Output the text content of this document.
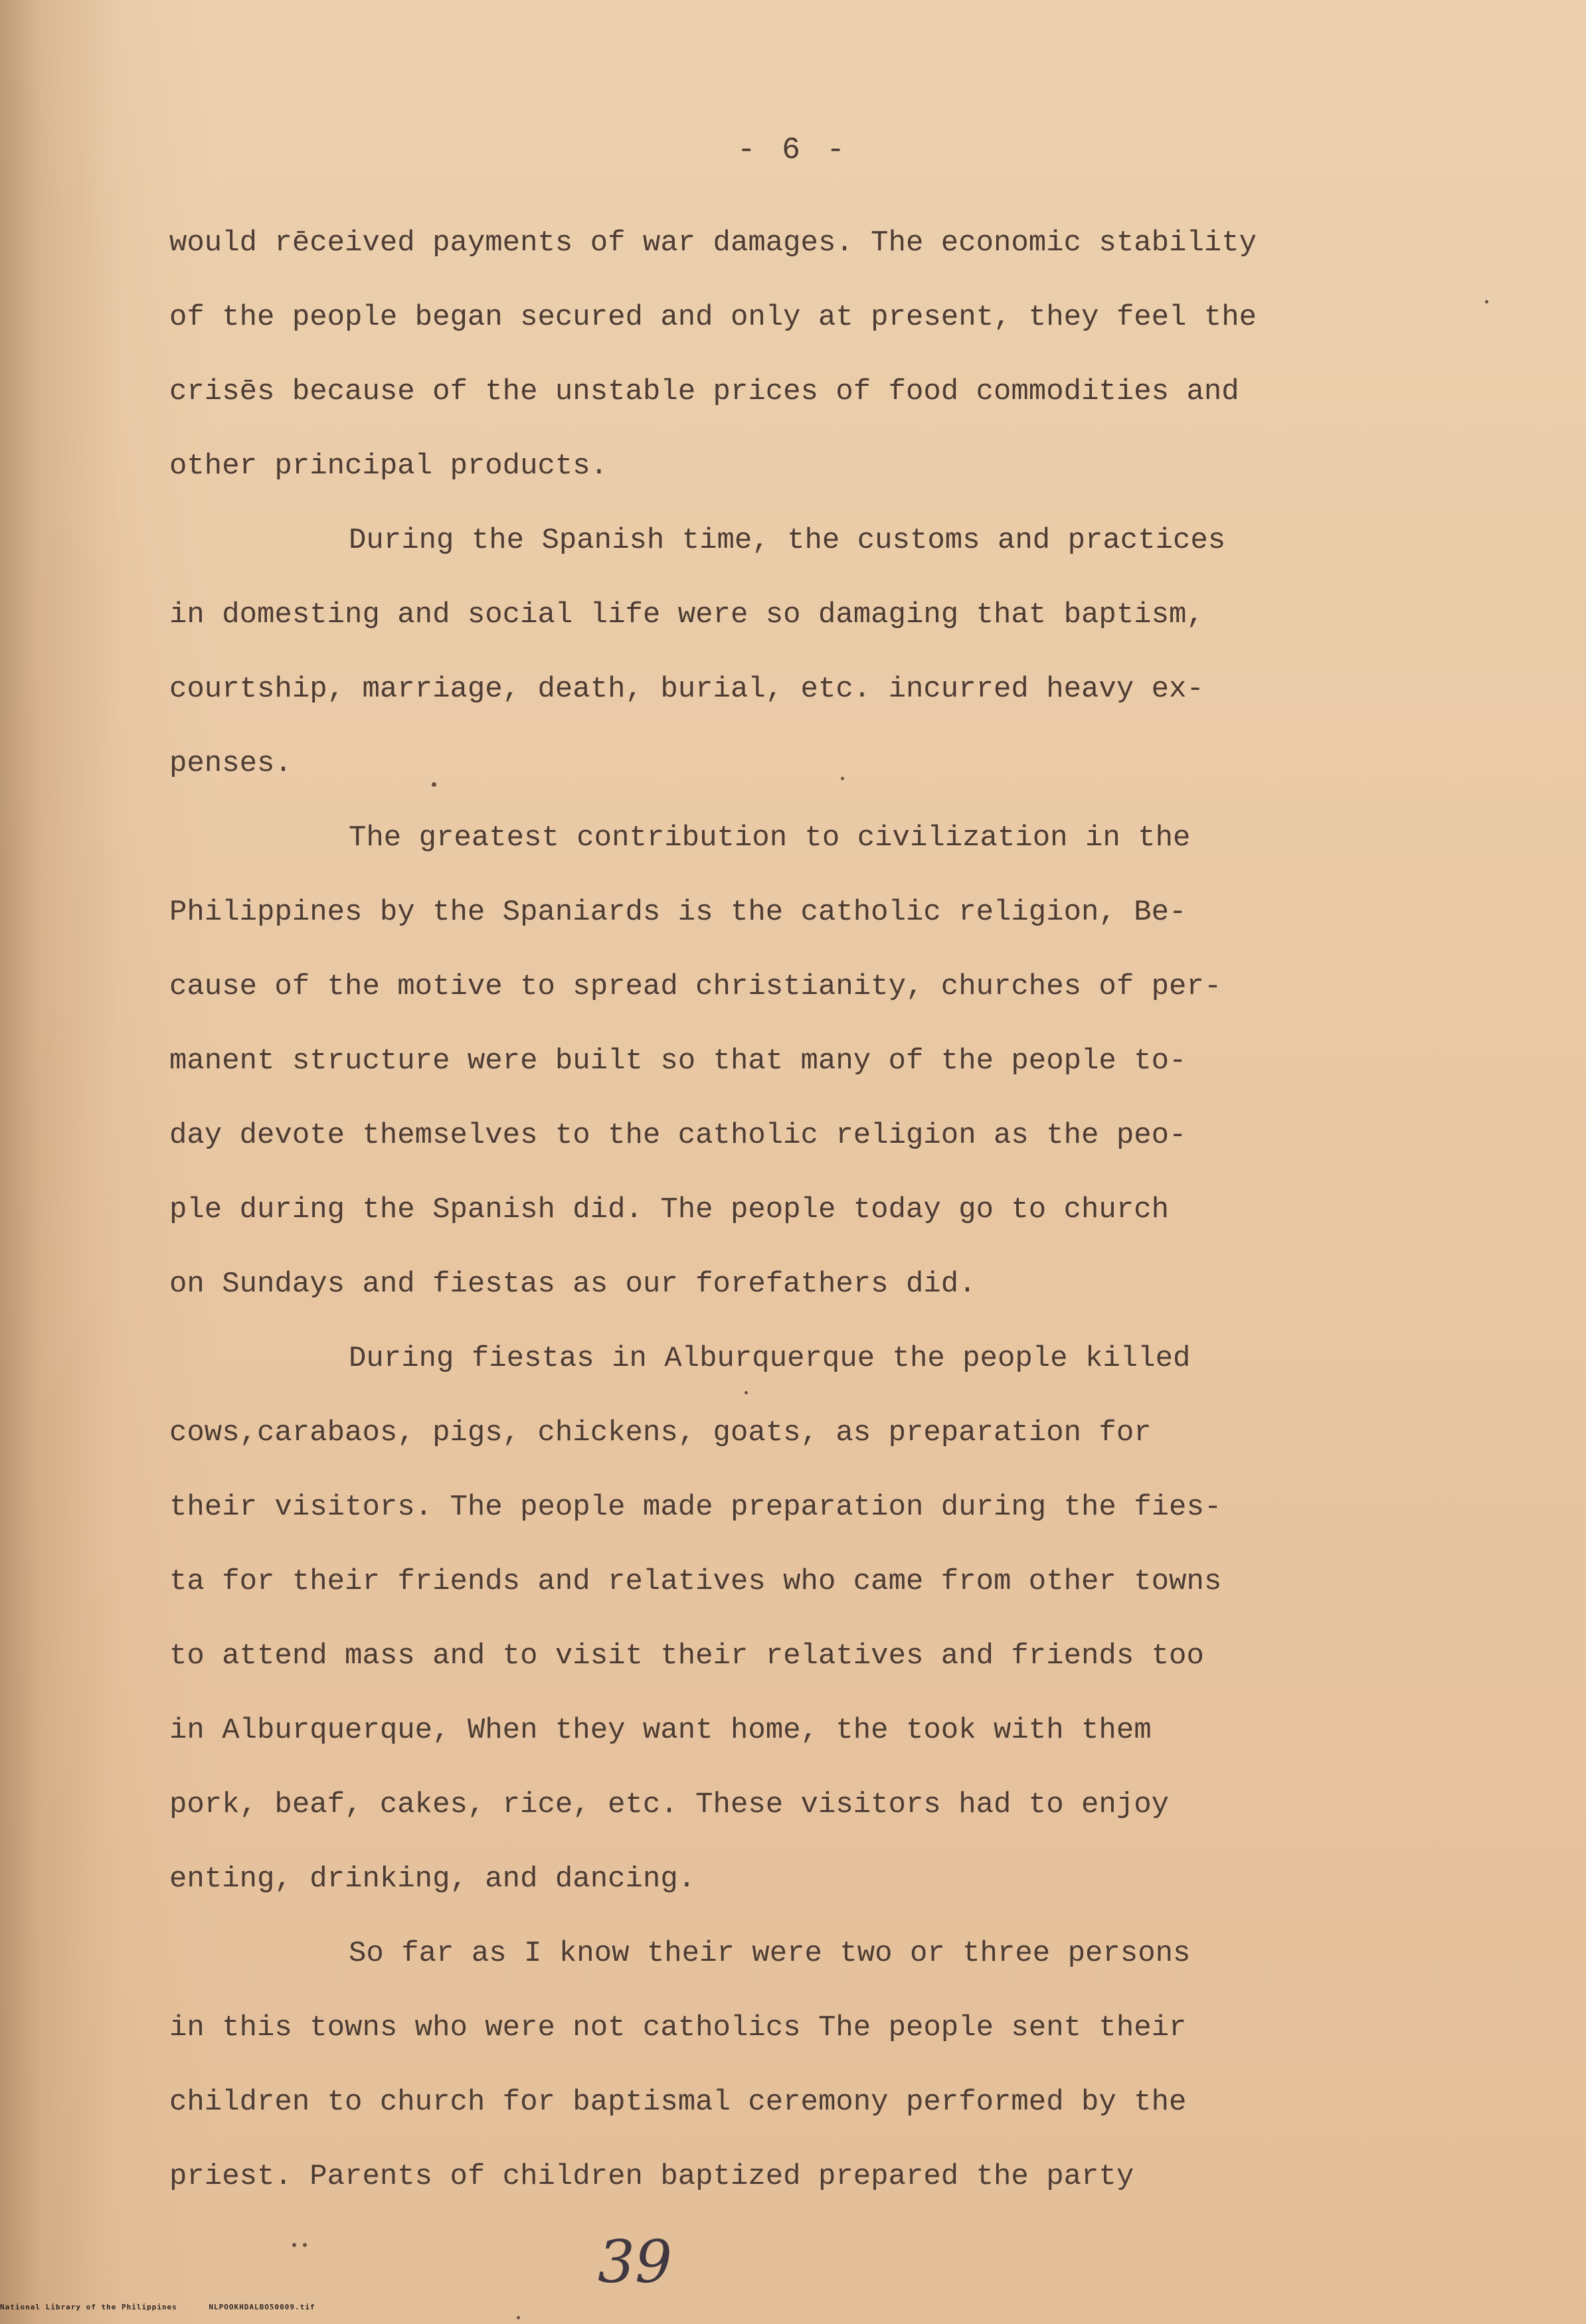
- 6 -
would rēceived payments of war damages. The economic stability
of the people began secured and only at present, they feel the
crisēs because of the unstable prices of food commodities and
other principal products.
During the Spanish time, the customs and practices
in domesting and social life were so damaging that baptism,
courtship, marriage, death, burial, etc. incurred heavy ex-
penses.
The greatest contribution to civilization in the
Philippines by the Spaniards is the catholic religion, Be-
cause of the motive to spread christianity, churches of per-
manent structure were built so that many of the people to-
day devote themselves to the catholic religion as the peo-
ple during the Spanish did. The people today go to church
on Sundays and fiestas as our forefathers did.
During fiestas in Alburquerque the people killed
cows,carabaos, pigs, chickens, goats, as preparation for
their visitors. The people made preparation during the fies-
ta for their friends and relatives who came from other towns
to attend mass and to visit their relatives and friends too
in Alburquerque, When they want home, the took with them
pork, beaf, cakes, rice, etc. These visitors had to enjoy
enting, drinking, and dancing.
So far as I know their were two or three persons
in this towns who were not catholics The people sent their
children to church for baptismal ceremony performed by the
priest. Parents of children baptized prepared the party
39
National Library of the Philippines	NLPOOKHDALBO50009.tif
